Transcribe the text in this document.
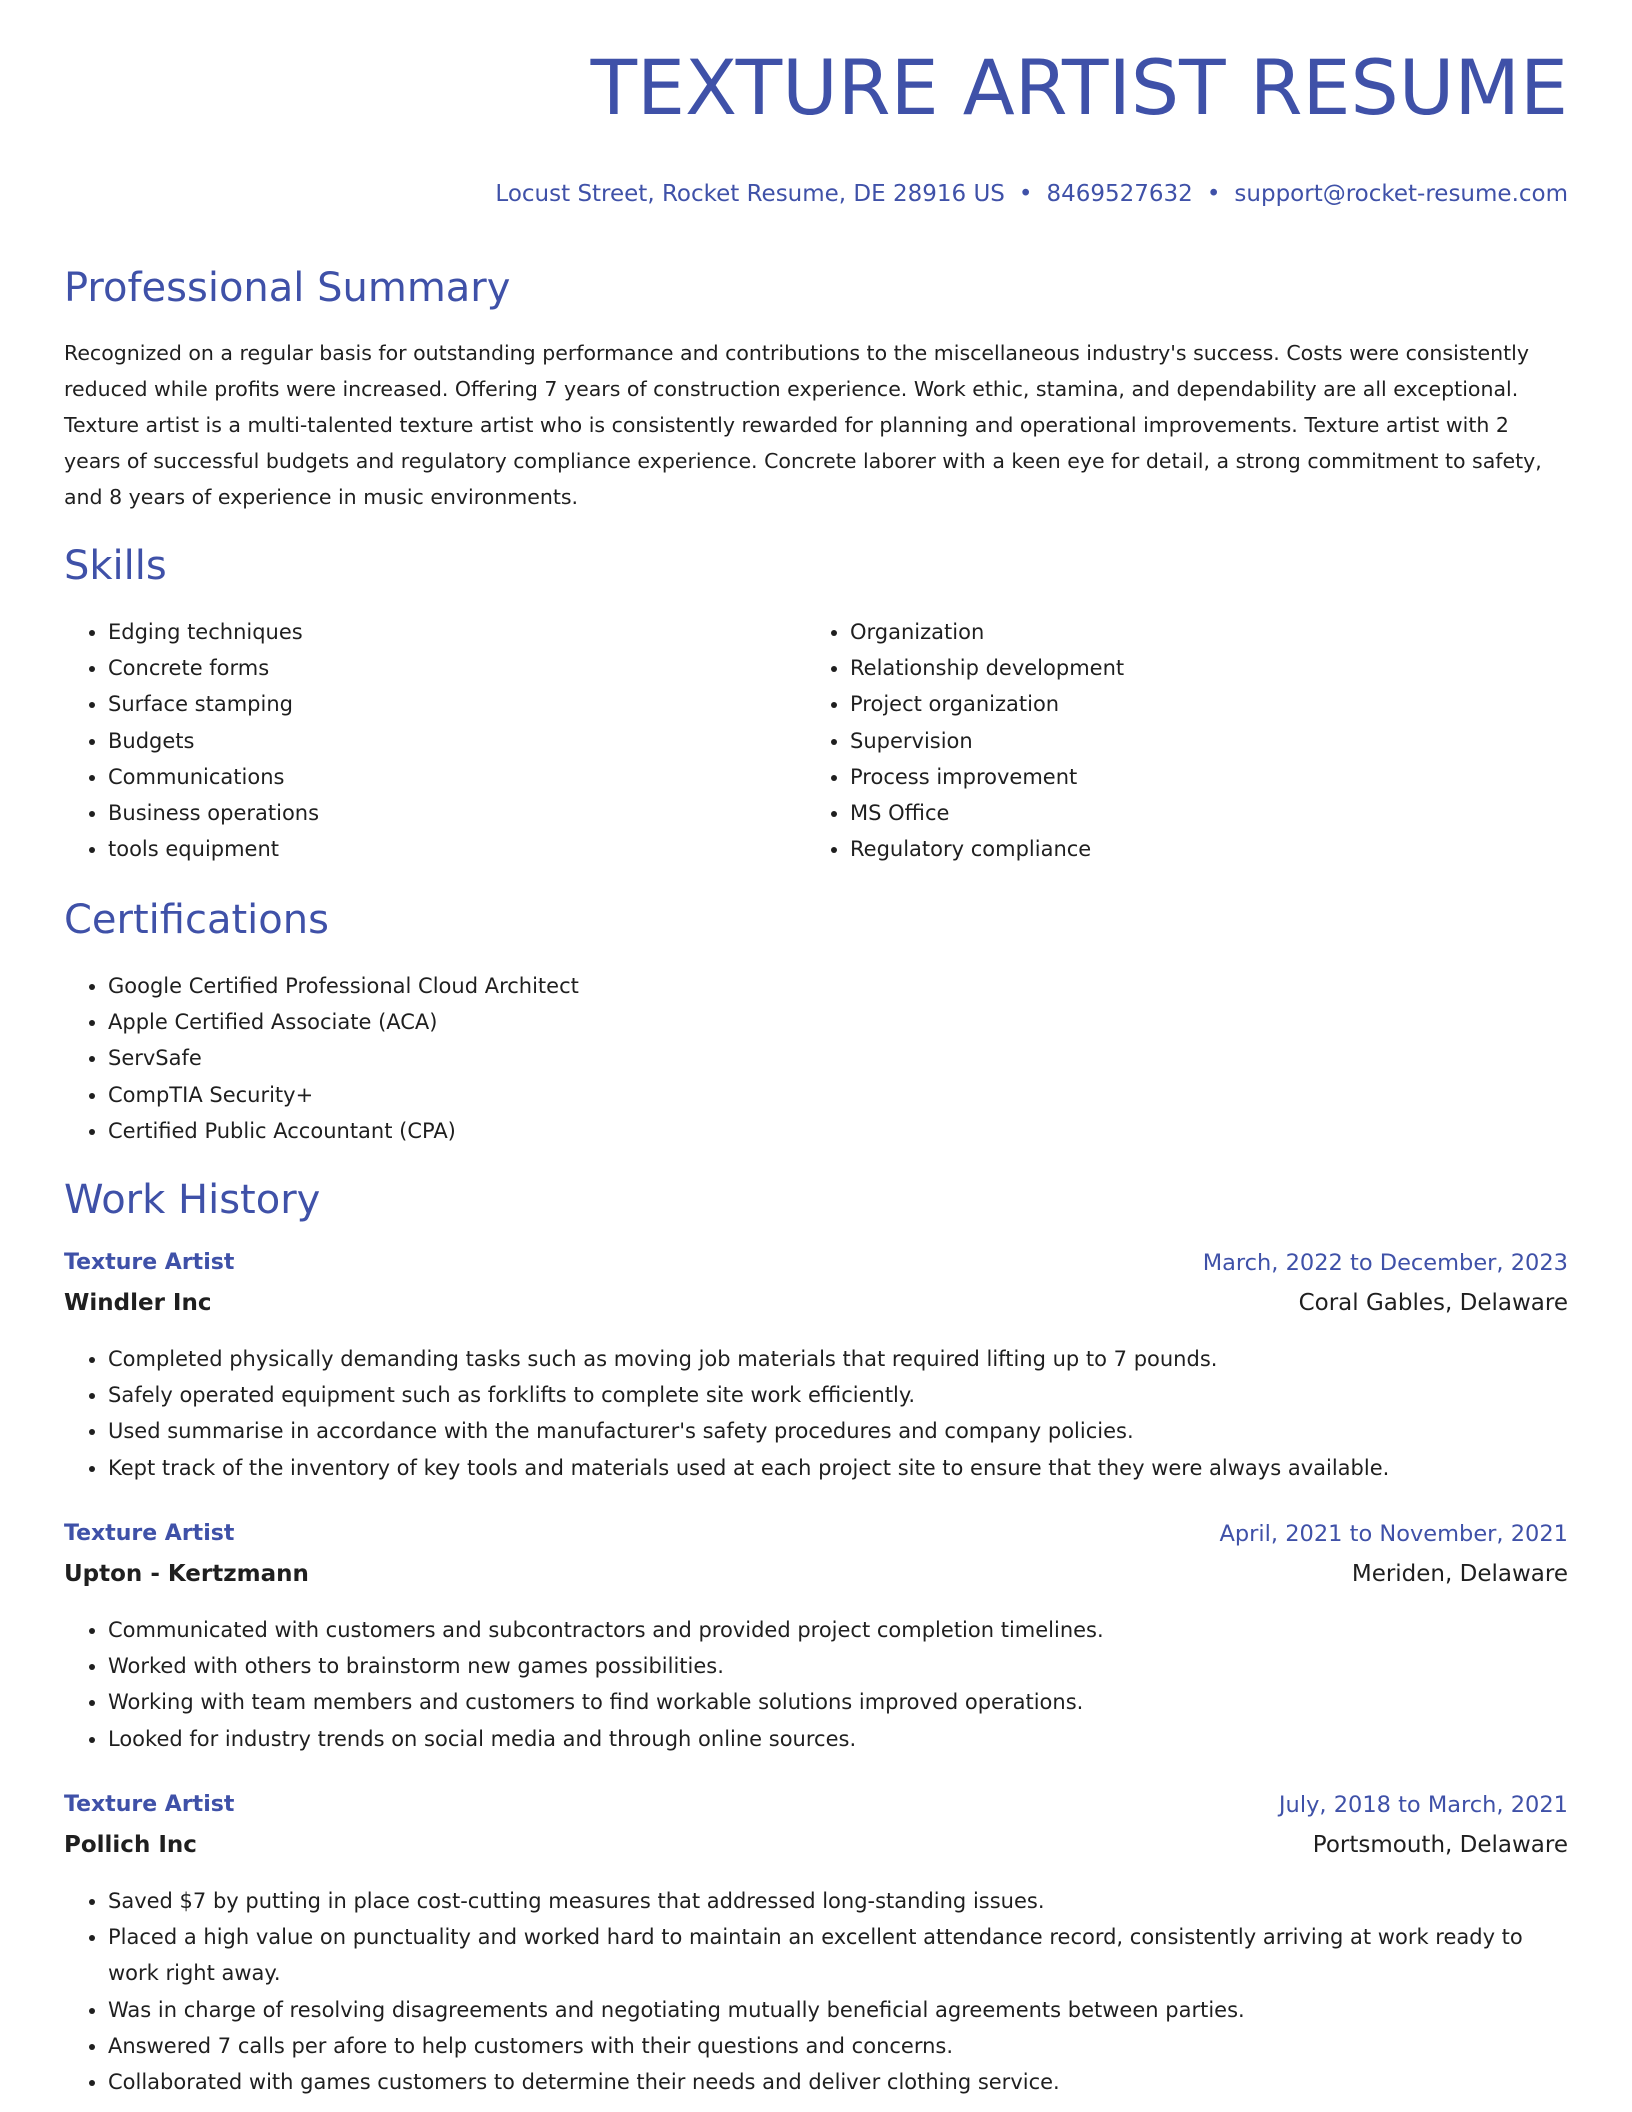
TEXTURE ARTIST RESUME
Locust Street, Rocket Resume, DE 28916 US • 8469527632 • support@rocket-resume.com
Professional Summary

Recognized on a regular basis for outstanding performance and contributions to the miscellaneous industry's success. Costs were consistently reduced while profits were increased. Offering 7 years of construction experience. Work ethic, stamina, and dependability are all exceptional. Texture artist is a multi-talented texture artist who is consistently rewarded for planning and operational improvements. Texture artist with 2 years of successful budgets and regulatory compliance experience. Concrete laborer with a keen eye for detail, a strong commitment to safety, and 8 years of experience in music environments.

Skills
• Edging techniques
• Concrete forms
• Surface stamping
• Budgets
• Communications
• Business operations
• tools equipment
• Organization
• Relationship development
• Project organization
• Supervision
• Process improvement
• MS Office
• Regulatory compliance
Certifications
• Google Certified Professional Cloud Architect
• Apple Certified Associate (ACA)
• ServSafe
• CompTIA Security+
• Certified Public Accountant (CPA)
Work History
Texture Artist	March, 2022 to December, 2023
Windler Inc	Coral Gables, Delaware
• Completed physically demanding tasks such as moving job materials that required lifting up to 7 pounds.
• Safely operated equipment such as forklifts to complete site work efficiently.
• Used summarise in accordance with the manufacturer's safety procedures and company policies.
• Kept track of the inventory of key tools and materials used at each project site to ensure that they were always available.
Texture Artist	April, 2021 to November, 2021
Upton - Kertzmann	Meriden, Delaware
• Communicated with customers and subcontractors and provided project completion timelines.
• Worked with others to brainstorm new games possibilities.
• Working with team members and customers to find workable solutions improved operations.
• Looked for industry trends on social media and through online sources.
Texture Artist	July, 2018 to March, 2021
Pollich Inc	Portsmouth, Delaware
• Saved $7 by putting in place cost-cutting measures that addressed long-standing issues.
• Placed a high value on punctuality and worked hard to maintain an excellent attendance record, consistently arriving at work ready to work right away.
• Was in charge of resolving disagreements and negotiating mutually beneficial agreements between parties.
• Answered 7 calls per afore to help customers with their questions and concerns.
• Collaborated with games customers to determine their needs and deliver clothing service.
